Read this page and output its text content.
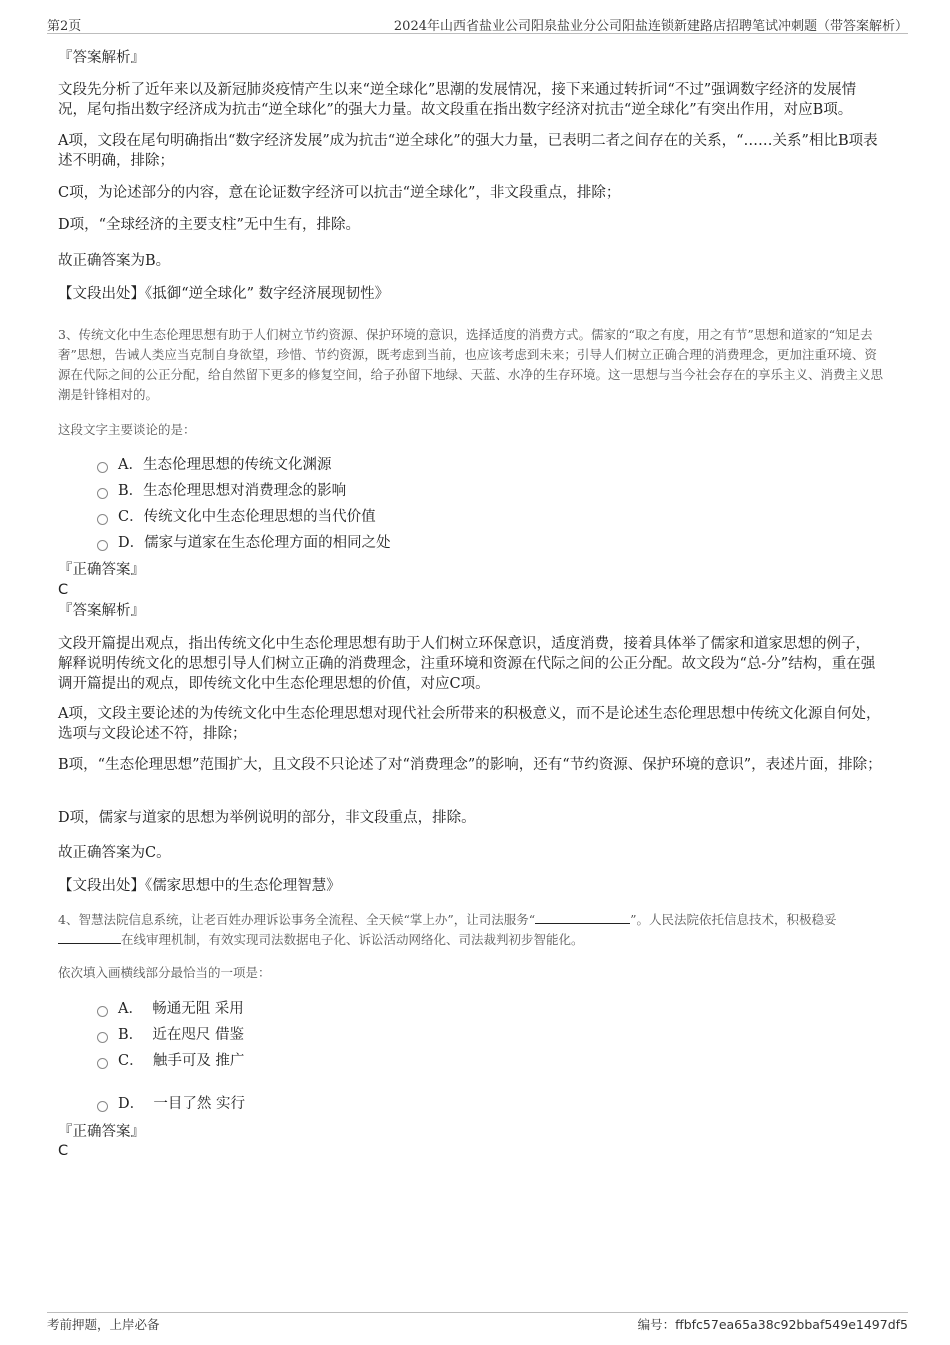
第2页	2024年山西省盐业公司阳泉盐业分公司阳盐连锁新建路店招聘笔试冲刺题（带答案解析）
『答案解析』
文段先分析了近年来以及新冠肺炎疫情产生以来“逆全球化”思潮的发展情况，接下来通过转折词“不过”强调数字经济的发展情况，尾句指出数字经济成为抗击“逆全球化”的强大力量。故文段重在指出数字经济对抗击“逆全球化”有突出作用，对应B项。
A项，文段在尾句明确指出“数字经济发展”成为抗击“逆全球化”的强大力量，已表明二者之间存在的关系，“……关系”相比B项表述不明确，排除；
C项，为论述部分的内容，意在论证数字经济可以抗击“逆全球化”，非文段重点，排除；
D项，“全球经济的主要支柱”无中生有，排除。
故正确答案为B。
【文段出处】《抵御“逆全球化” 数字经济展现韧性》
3、传统文化中生态伦理思想有助于人们树立节约资源、保护环境的意识，选择适度的消费方式。儒家的“取之有度，用之有节”思想和道家的“知足去奢”思想，告诫人类应当克制自身欲望，珍惜、节约资源，既考虑到当前，也应该考虑到未来；引导人们树立正确合理的消费理念，更加注重环境、资源在代际之间的公正分配，给自然留下更多的修复空间，给子孙留下地绿、天蓝、水净的生存环境。这一思想与当今社会存在的享乐主义、消费主义思潮是针锋相对的。
这段文字主要谈论的是：
A．生态伦理思想的传统文化渊源
B．生态伦理思想对消费理念的影响
C．传统文化中生态伦理思想的当代价值
D．儒家与道家在生态伦理方面的相同之处
『正确答案』
C
『答案解析』
文段开篇提出观点，指出传统文化中生态伦理思想有助于人们树立环保意识，适度消费，接着具体举了儒家和道家思想的例子，解释说明传统文化的思想引导人们树立正确的消费理念，注重环境和资源在代际之间的公正分配。故文段为“总-分”结构，重在强调开篇提出的观点，即传统文化中生态伦理思想的价值，对应C项。
A项，文段主要论述的为传统文化中生态伦理思想对现代社会所带来的积极意义，而不是论述生态伦理思想中传统文化源自何处，选项与文段论述不符，排除；
B项，“生态伦理思想”范围扩大，且文段不只论述了对“消费理念”的影响，还有“节约资源、保护环境的意识”，表述片面，排除；
D项，儒家与道家的思想为举例说明的部分，非文段重点，排除。
故正确答案为C。
【文段出处】《儒家思想中的生态伦理智慧》
4、智慧法院信息系统，让老百姓办理诉讼事务全流程、全天候“掌上办”，让司法服务“	”。人民法院依托信息技术，积极稳妥在线审理机制，有效实现司法数据电子化、诉讼活动网络化、司法裁判初步智能化。
依次填入画横线部分最恰当的一项是：
A． 畅通无阻 采用
B． 近在咫尺 借鉴
C． 触手可及 推广
D． 一目了然 实行
『正确答案』
C
考前押题，上岸必备	编号：ffbfc57ea65a38c92bbaf549e1497df5
